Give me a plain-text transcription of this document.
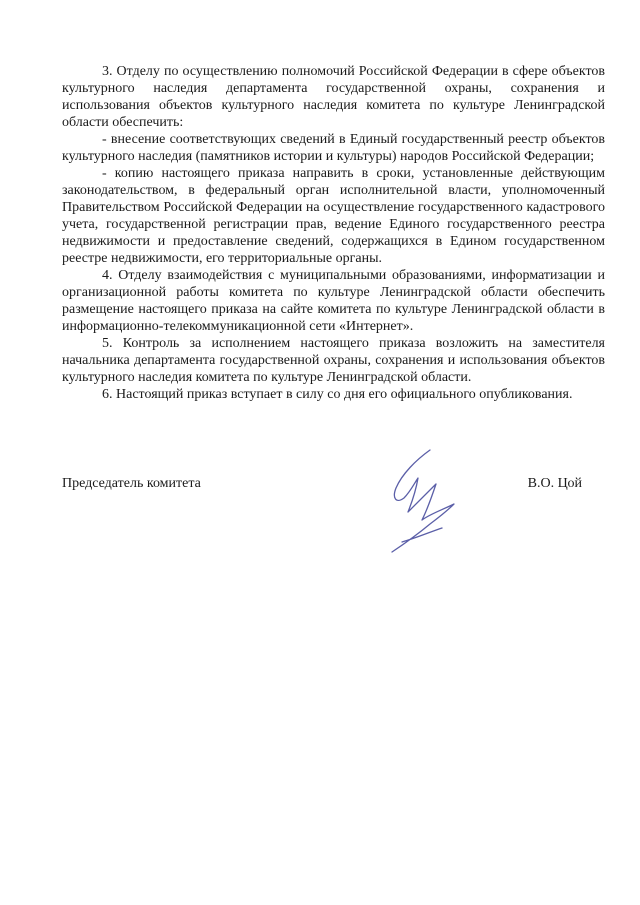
3. Отделу по осуществлению полномочий Российской Федерации в сфере объектов культурного наследия департамента государственной охраны, сохранения и использования объектов культурного наследия комитета по культуре Ленинградской области обеспечить:

- внесение соответствующих сведений в Единый государственный реестр объектов культурного наследия (памятников истории и культуры) народов Российской Федерации;

- копию настоящего приказа направить в сроки, установленные действующим законодательством, в федеральный орган исполнительной власти, уполномоченный Правительством Российской Федерации на осуществление государственного кадастрового учета, государственной регистрации прав, ведение Единого государственного реестра недвижимости и предоставление сведений, содержащихся в Едином государственном реестре недвижимости, его территориальные органы.

4. Отделу взаимодействия с муниципальными образованиями, информатизации и организационной работы комитета по культуре Ленинградской области обеспечить размещение настоящего приказа на сайте комитета по культуре Ленинградской области в информационно-телекоммуникационной сети «Интернет».

5. Контроль за исполнением настоящего приказа возложить на заместителя начальника департамента государственной охраны, сохранения и использования объектов культурного наследия комитета по культуре Ленинградской области.

6. Настоящий приказ вступает в силу со дня его официального опубликования.

Председатель комитета	В.О. Цой
